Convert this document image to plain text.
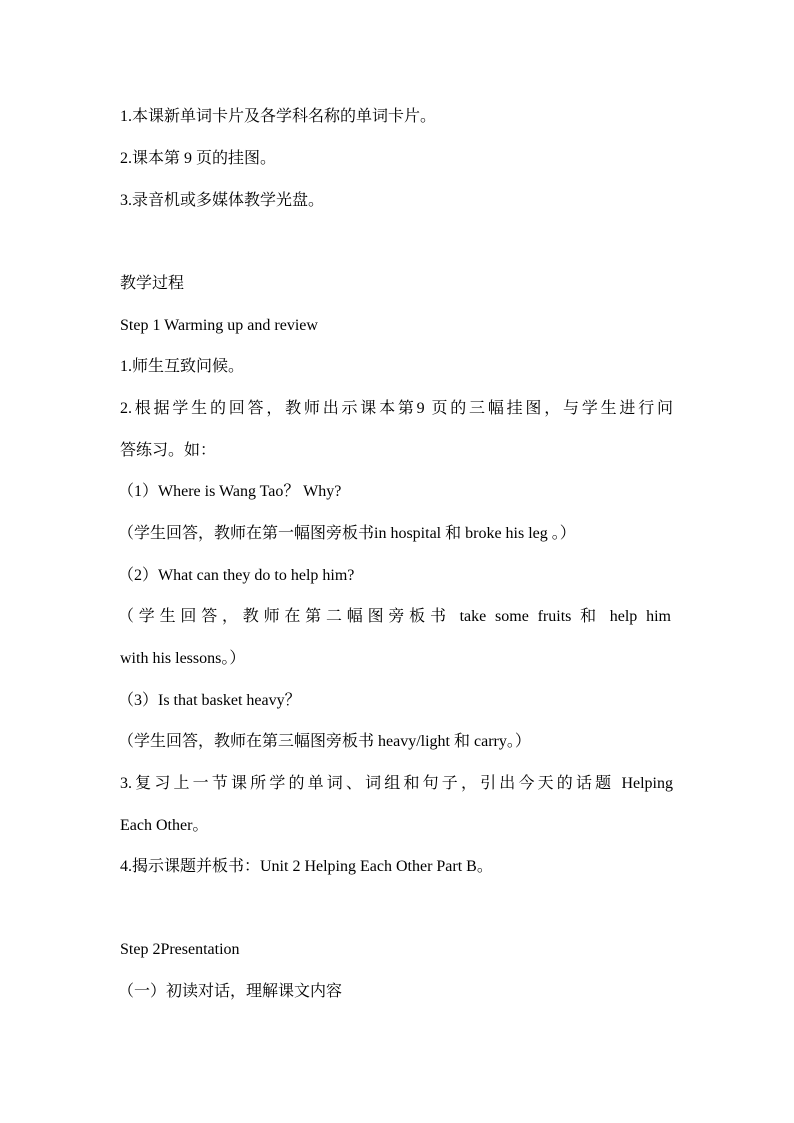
1.本课新单词卡片及各学科名称的单词卡片。
2.课本第 9 页的挂图。
3.录音机或多媒体教学光盘。
教学过程
Step 1 Warming up and review
1.师生互致问候。
2.根据学生的回答，教师出示课本第9 页的三幅挂图，与学生进行问
答练习。如：
（1）Where is Wang Tao？ Why?
（学生回答，教师在第一幅图旁板书in hospital 和 broke his leg 。）
（2）What can they do to help him?
（学生回答，教师在第二幅图旁板书 take some fruits 和 help him
with his lessons。）
（3）Is that basket heavy？
（学生回答，教师在第三幅图旁板书 heavy/light 和 carry。）
3.复习上一节课所学的单词、词组和句子，引出今天的话题 Helping
Each Other。
4.揭示课题并板书：Unit 2 Helping Each Other Part B。
Step 2Presentation
（一）初读对话，理解课文内容
